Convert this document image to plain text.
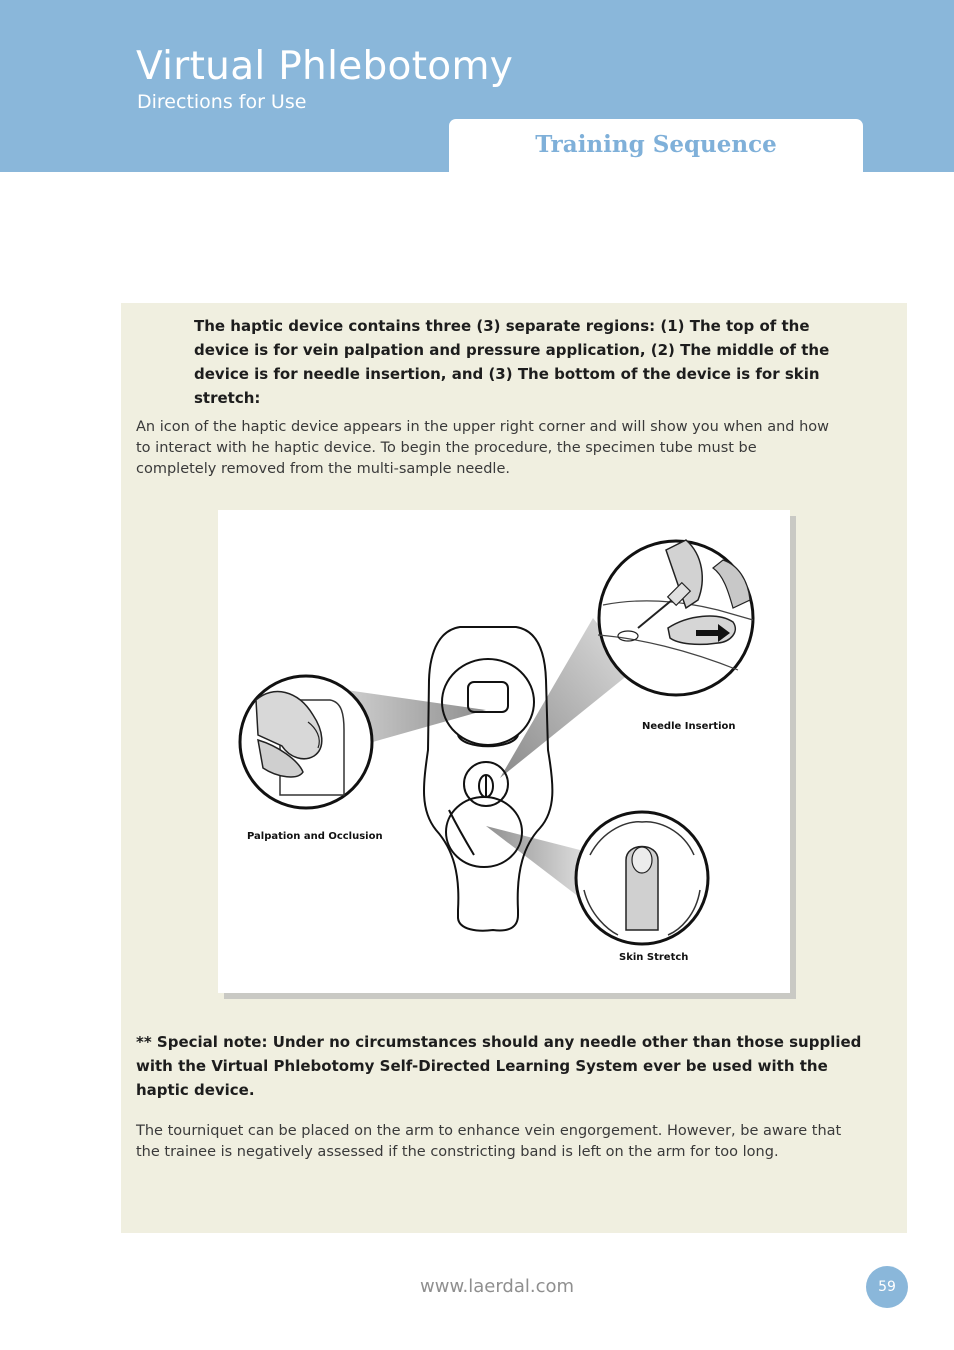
Virtual Phlebotomy
Directions for Use
Training Sequence
The haptic device contains three (3) separate regions: (1) The top of the device is for vein palpation and pressure application, (2) The middle of the device is for needle insertion, and (3) The bottom of the device is for skin stretch:
An icon of the haptic device appears in the upper right corner and will show you when and how to interact with he haptic device. To begin the procedure, the specimen tube must be completely removed from the multi-sample needle.
Needle Insertion
Palpation and Occlusion
Skin Stretch
** Special note: Under no circumstances should any needle other than those supplied with the Virtual Phlebotomy Self-Directed Learning System ever be used with the haptic device.
The tourniquet can be placed on the arm to enhance vein engorgement. However, be aware that the trainee is negatively assessed if the constricting band is left on the arm for too long.
www.laerdal.com	59
